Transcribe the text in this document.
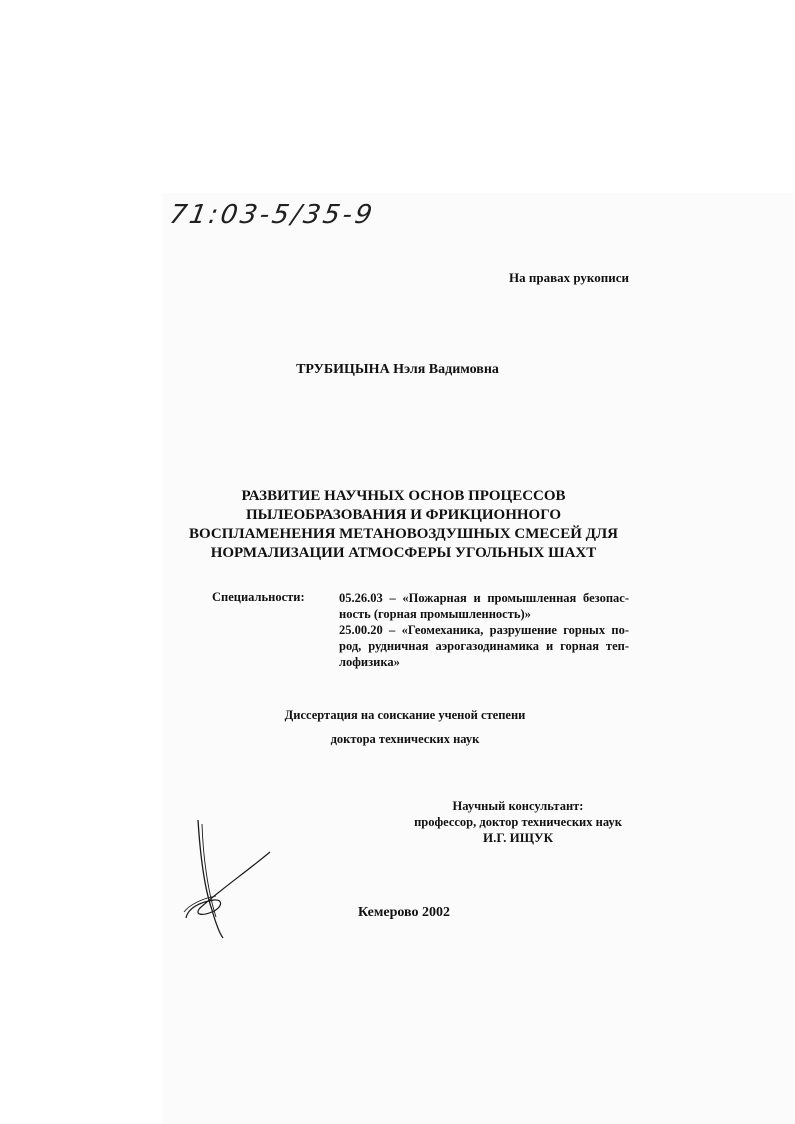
71:03-5/35-9
На правах рукописи
ТРУБИЦЫНА Нэля Вадимовна
РАЗВИТИЕ НАУЧНЫХ ОСНОВ ПРОЦЕССОВ
ПЫЛЕОБРАЗОВАНИЯ И ФРИКЦИОННОГО
ВОСПЛАМЕНЕНИЯ МЕТАНОВОЗДУШНЫХ СМЕСЕЙ ДЛЯ
НОРМАЛИЗАЦИИ АТМОСФЕРЫ УГОЛЬНЫХ ШАХТ
Специальности:	05.26.03 – «Пожарная и промышленная безопас-
ность (горная промышленность)»
25.00.20 – «Геомеханика, разрушение горных по-
род, рудничная аэрогазодинамика и горная теп-
лофизика»
Диссертация на соискание ученой степени
доктора технических наук
Научный консультант:
профессор, доктор технических наук
И.Г. ИЩУК
Кемерово 2002
